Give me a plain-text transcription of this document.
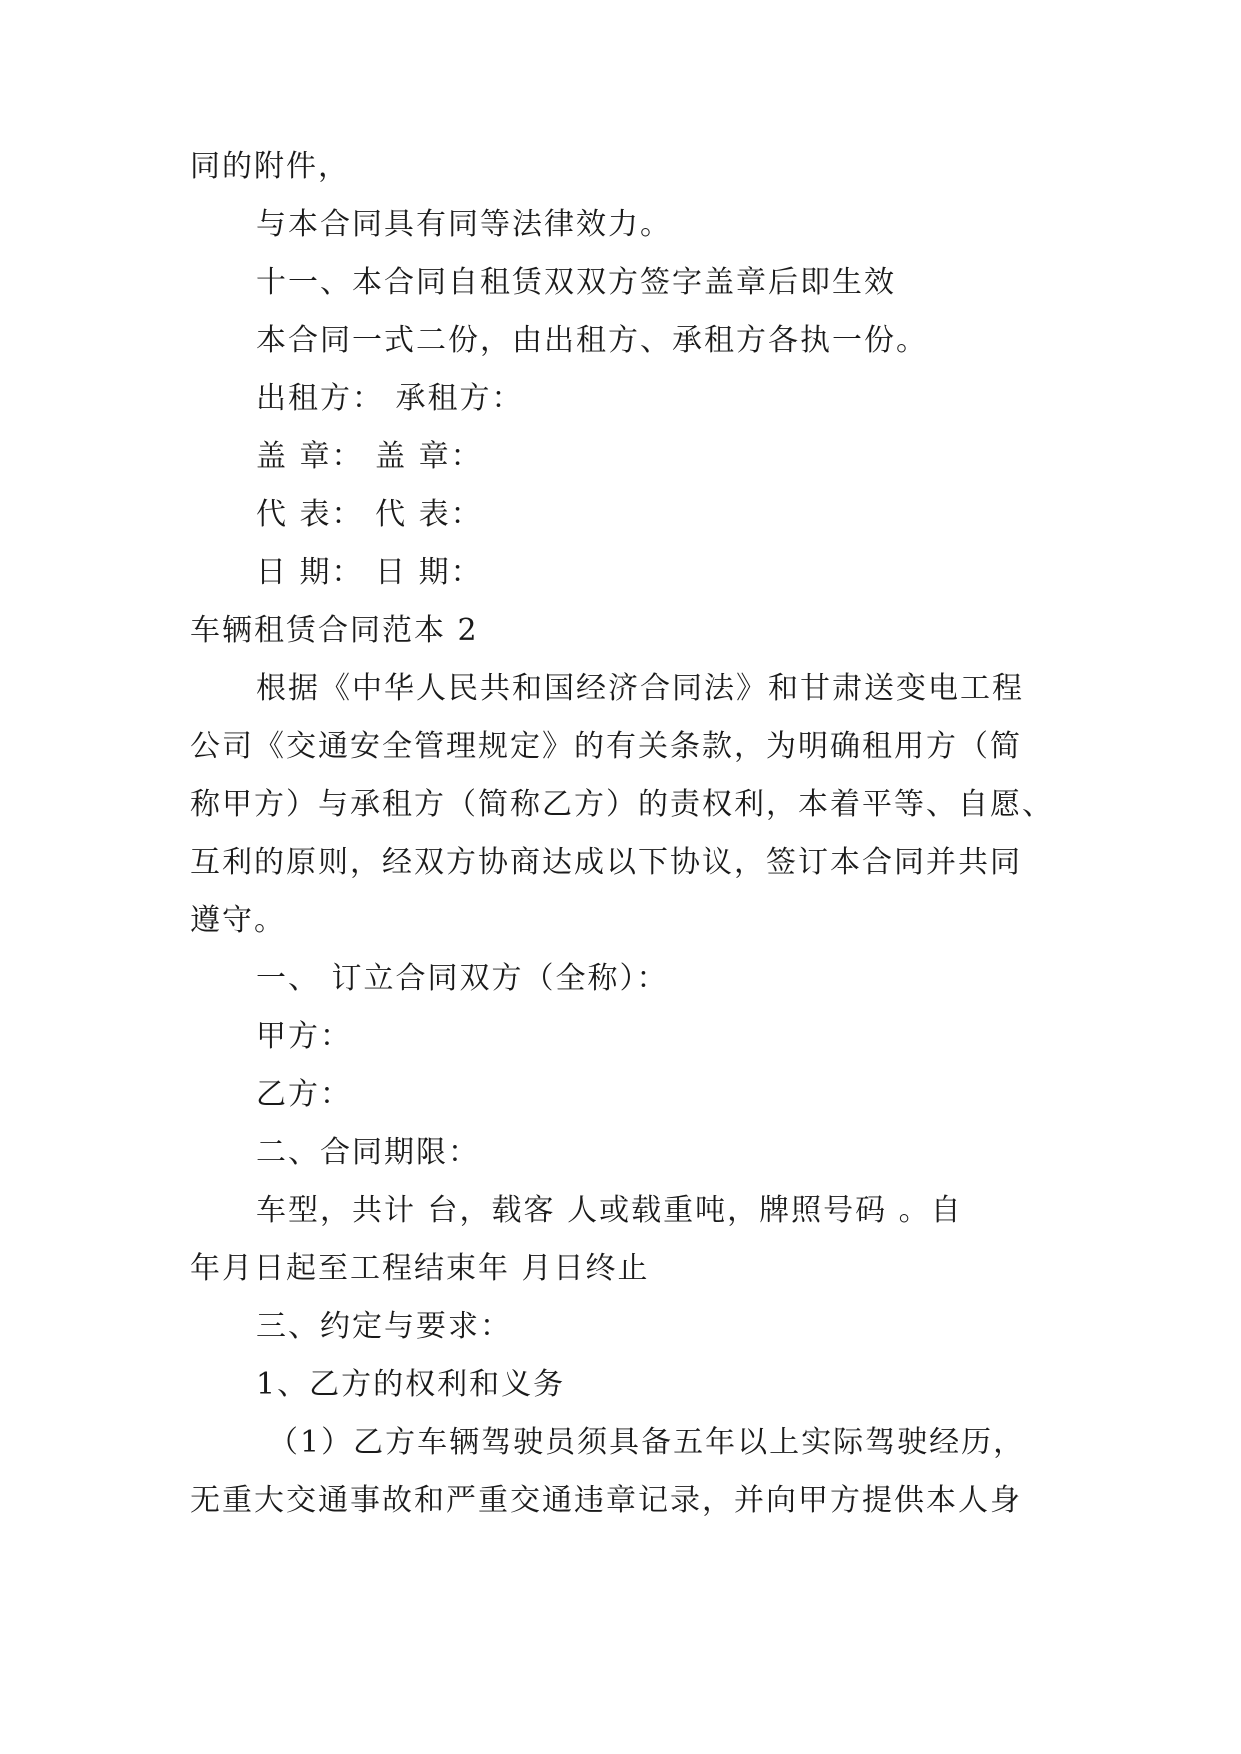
同的附件，
与本合同具有同等法律效力。
十一、本合同自租赁双双方签字盖章后即生效
本合同一式二份，由出租方、承租方各执一份。
出租方： 承租方：
盖 章： 盖 章：
代 表： 代 表：
日 期： 日 期：
车辆租赁合同范本 2
根据《中华人民共和国经济合同法》和甘肃送变电工程
公司《交通安全管理规定》的有关条款，为明确租用方（简
称甲方）与承租方（简称乙方）的责权利，本着平等、自愿、
互利的原则，经双方协商达成以下协议，签订本合同并共同
遵守。
一、 订立合同双方（全称）：
甲方：
乙方：
二、合同期限：
车型，共计 台，载客 人或载重吨，牌照号码 。自
年月日起至工程结束年 月日终止
三、约定与要求：
1、乙方的权利和义务
（1）乙方车辆驾驶员须具备五年以上实际驾驶经历，
无重大交通事故和严重交通违章记录，并向甲方提供本人身
